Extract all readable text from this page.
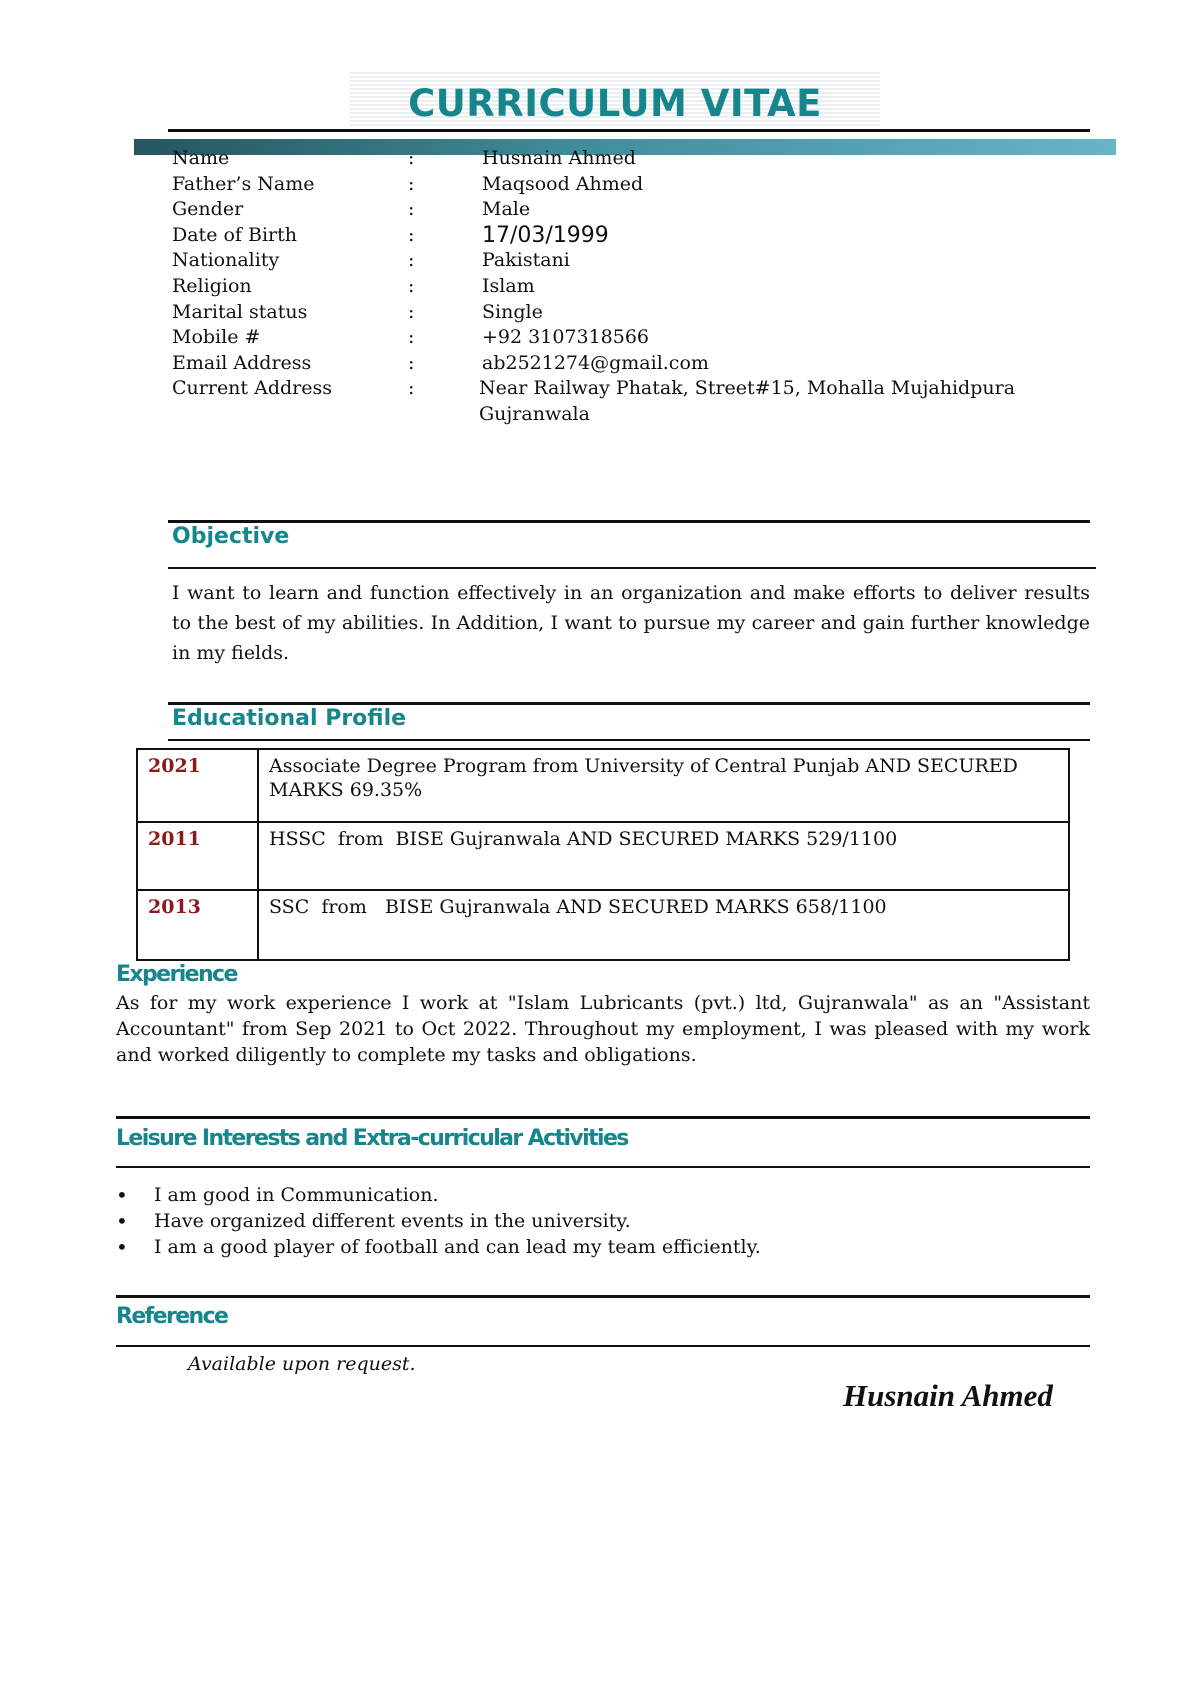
CURRICULUM VITAE
Name	:	Husnain Ahmed
Father’s Name	:	Maqsood Ahmed
Gender	:	Male
Date of Birth	:	17/03/1999
Nationality	:	Pakistani
Religion	:	Islam
Marital status	:	Single
Mobile #	:	+92 3107318566
Email Address	:	ab2521274@gmail.com
Current Address	:	Near Railway Phatak, Street#15, Mohalla Mujahidpura Gujranwala
Objective
I want to learn and function effectively in an organization and make efforts to deliver results to the best of my abilities. In Addition, I want to pursue my career and gain further knowledge in my fields.
Educational Profile
2021	Associate Degree Program from University of Central Punjab AND SECURED MARKS 69.35%
2011	HSSC  from  BISE Gujranwala AND SECURED MARKS 529/1100
2013	SSC  from   BISE Gujranwala AND SECURED MARKS 658/1100
Experience
As for my work experience I work at "Islam Lubricants (pvt.) ltd, Gujranwala" as an "Assistant Accountant" from Sep 2021 to Oct 2022. Throughout my employment, I was pleased with my work and worked diligently to complete my tasks and obligations.
Leisure Interests and Extra-curricular Activities
• I am good in Communication.
• Have organized different events in the university.
• I am a good player of football and can lead my team efficiently.
Reference
Available upon request.
Husnain Ahmed
